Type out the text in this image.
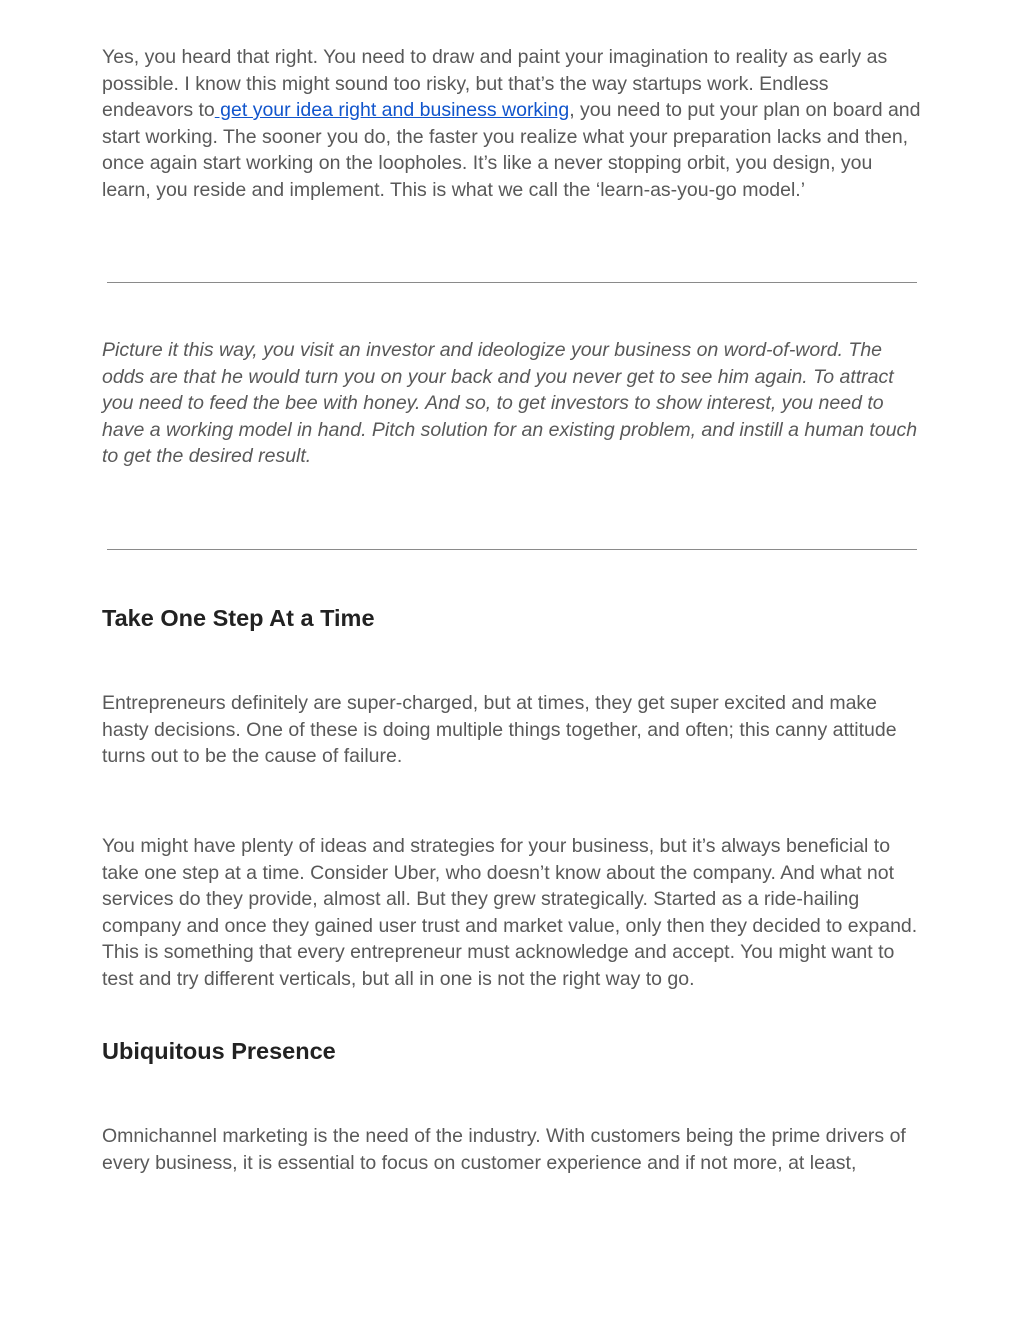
Yes, you heard that right. You need to draw and paint your imagination to reality as early as possible. I know this might sound too risky, but that’s the way startups work. Endless endeavors to get your idea right and business working, you need to put your plan on board and start working. The sooner you do, the faster you realize what your preparation lacks and then, once again start working on the loopholes. It’s like a never stopping orbit, you design, you learn, you reside and implement. This is what we call the ‘learn-as-you-go model.’

Picture it this way, you visit an investor and ideologize your business on word-of-word. The odds are that he would turn you on your back and you never get to see him again. To attract you need to feed the bee with honey. And so, to get investors to show interest, you need to have a working model in hand. Pitch solution for an existing problem, and instill a human touch to get the desired result.

Take One Step At a Time

Entrepreneurs definitely are super-charged, but at times, they get super excited and make hasty decisions. One of these is doing multiple things together, and often; this canny attitude turns out to be the cause of failure.

You might have plenty of ideas and strategies for your business, but it’s always beneficial to take one step at a time. Consider Uber, who doesn’t know about the company. And what not services do they provide, almost all. But they grew strategically. Started as a ride-hailing company and once they gained user trust and market value, only then they decided to expand. This is something that every entrepreneur must acknowledge and accept. You might want to test and try different verticals, but all in one is not the right way to go.

Ubiquitous Presence

Omnichannel marketing is the need of the industry. With customers being the prime drivers of every business, it is essential to focus on customer experience and if not more, at least,
